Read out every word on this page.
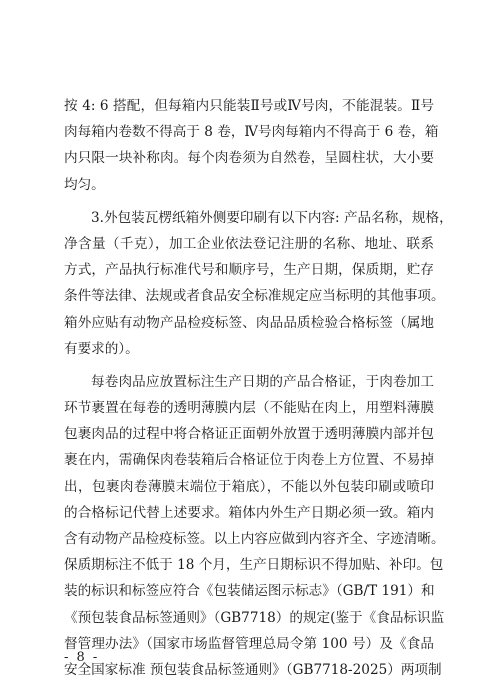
按 4: 6 搭配，但每箱内只能装Ⅱ号或Ⅳ号肉，不能混装。Ⅱ号
肉每箱内卷数不得高于 8 卷，Ⅳ号肉每箱内不得高于 6 卷，箱
内只限一块补称肉。每个肉卷须为自然卷，呈圆柱状，大小要
均匀。
3.外包装瓦楞纸箱外侧要印刷有以下内容: 产品名称，规格，
净含量（千克），加工企业依法登记注册的名称、地址、联系
方式，产品执行标准代号和顺序号，生产日期，保质期，贮存
条件等法律、法规或者食品安全标准规定应当标明的其他事项。
箱外应贴有动物产品检疫标签、肉品品质检验合格标签（属地
有要求的）。
每卷肉品应放置标注生产日期的产品合格证，于肉卷加工
环节裹置在每卷的透明薄膜内层（不能贴在肉上，用塑料薄膜
包裹肉品的过程中将合格证正面朝外放置于透明薄膜内部并包
裹在内，需确保肉卷装箱后合格证位于肉卷上方位置、不易掉
出，包裹肉卷薄膜末端位于箱底），不能以外包装印刷或喷印
的合格标记代替上述要求。箱体内外生产日期必须一致。箱内
含有动物产品检疫标签。以上内容应做到内容齐全、字迹清晰。
保质期标注不低于 18 个月，生产日期标识不得加贴、补印。包
装的标识和标签应符合《包装储运图示标志》（GB/T 191）和
《预包装食品标签通则》（GB7718）的规定(鉴于《食品标识监
督管理办法》（国家市场监督管理总局令第 100 号）及《食品
安全国家标准 预包装食品标签通则》（GB7718-2025）两项制
- 8 -
